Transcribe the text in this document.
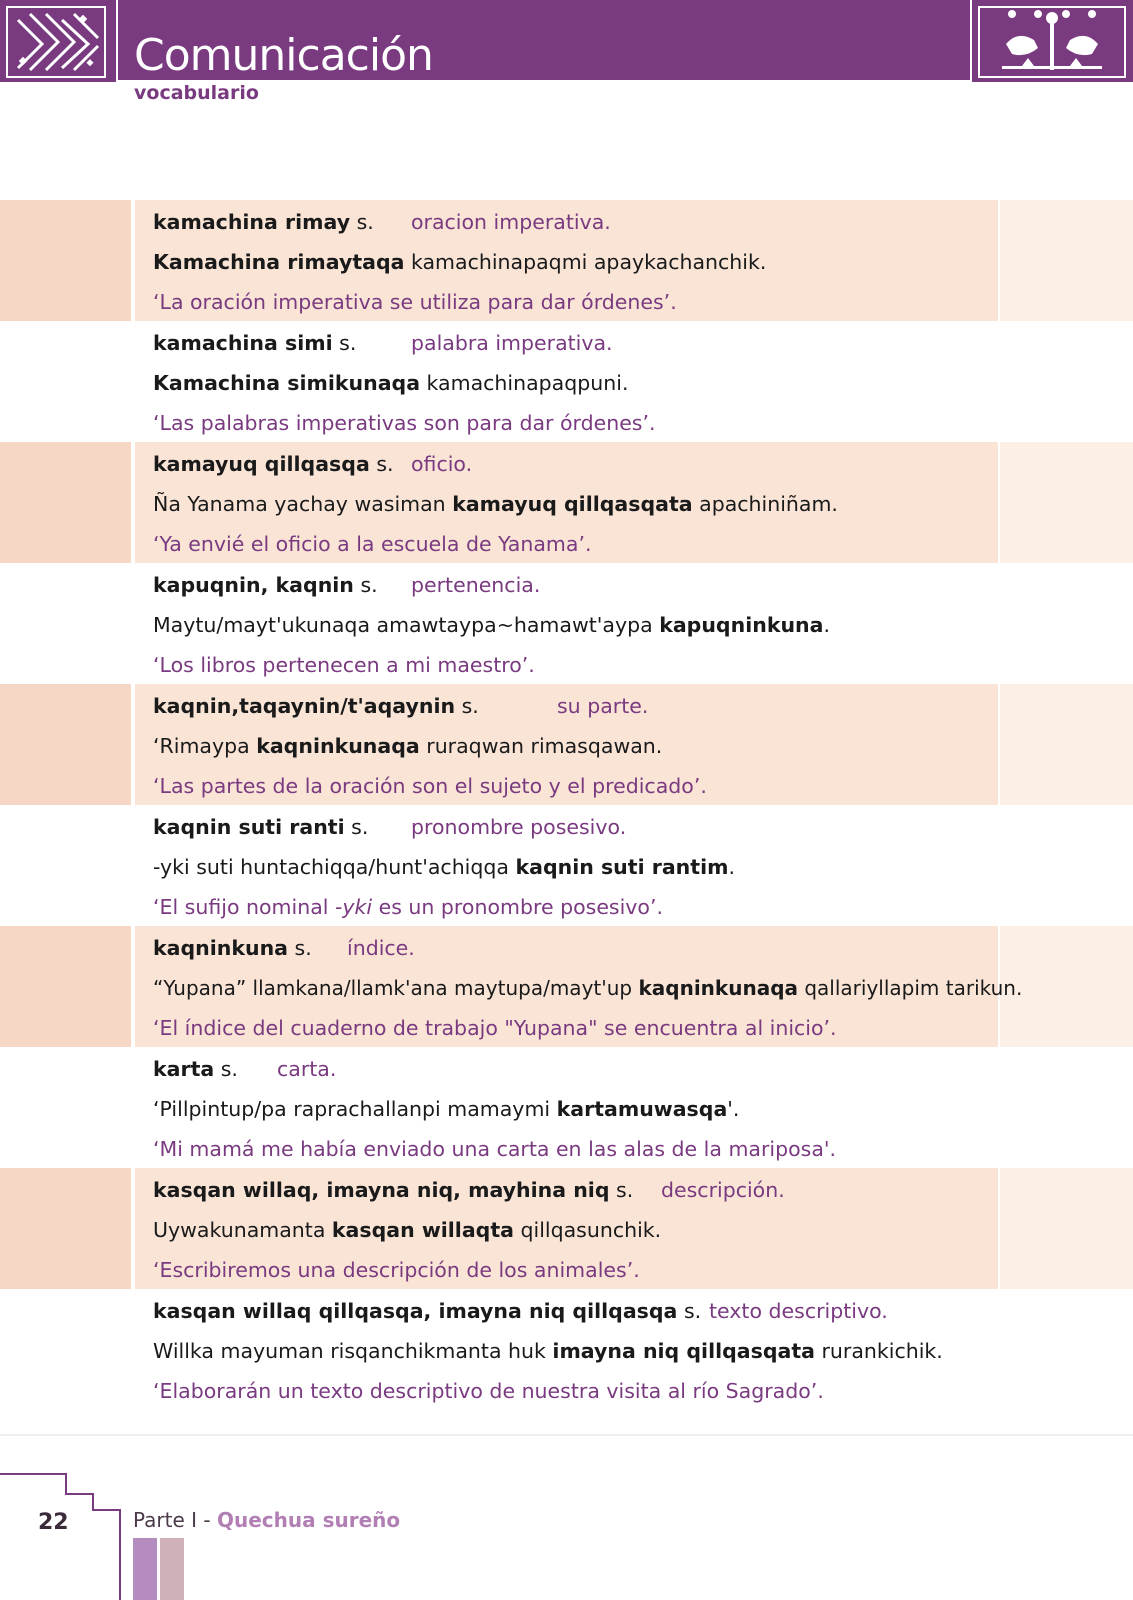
Comunicación
vocabulario
kamachina rimay s. oracion imperativa.
Kamachina rimaytaqa kamachinapaqmi apaykachanchik.
‘La oración imperativa se utiliza para dar órdenes’.
kamachina simi s.	palabra imperativa.
Kamachina simikunaqa kamachinapaqpuni.
‘Las palabras imperativas son para dar órdenes’.
kamayuq qillqasqa s. oficio.
Ña Yanama yachay wasiman kamayuq qillqasqata apachiniñam.
‘Ya envié el oficio a la escuela de Yanama’.
kapuqnin, kaqnin s. pertenencia.
Maytu/mayt'ukunaqa amawtaypa~hamawt'aypa kapuqninkuna.
‘Los libros pertenecen a mi maestro’.
kaqnin,taqaynin/t'aqaynin s.	su parte.
‘Rimaypa kaqninkunaqa ruraqwan rimasqawan.
‘Las partes de la oración son el sujeto y el predicado’.
kaqnin suti ranti s. pronombre posesivo.
-yki suti huntachiqqa/hunt'achiqqa kaqnin suti rantim.
‘El sufijo nominal -yki es un pronombre posesivo’.
kaqninkuna s. índice.
“Yupana” llamkana/llamk'ana maytupa/mayt'up kaqninkunaqa qallariyllapim tarikun.
‘El índice del cuaderno de trabajo "Yupana" se encuentra al inicio’.
karta s. carta.
‘Pillpintup/pa raprachallanpi mamaymi kartamuwasqa'.
‘Mi mamá me había enviado una carta en las alas de la mariposa'.
kasqan willaq, imayna niq, mayhina niq s. descripción.
Uywakunamanta kasqan willaqta qillqasunchik.
‘Escribiremos una descripción de los animales’.
kasqan willaq qillqasqa, imayna niq qillqasqa s. texto descriptivo.
Willka mayuman risqanchikmanta huk imayna niq qillqasqata rurankichik.
‘Elaborarán un texto descriptivo de nuestra visita al río Sagrado’.
22	Parte I - Quechua sureño
